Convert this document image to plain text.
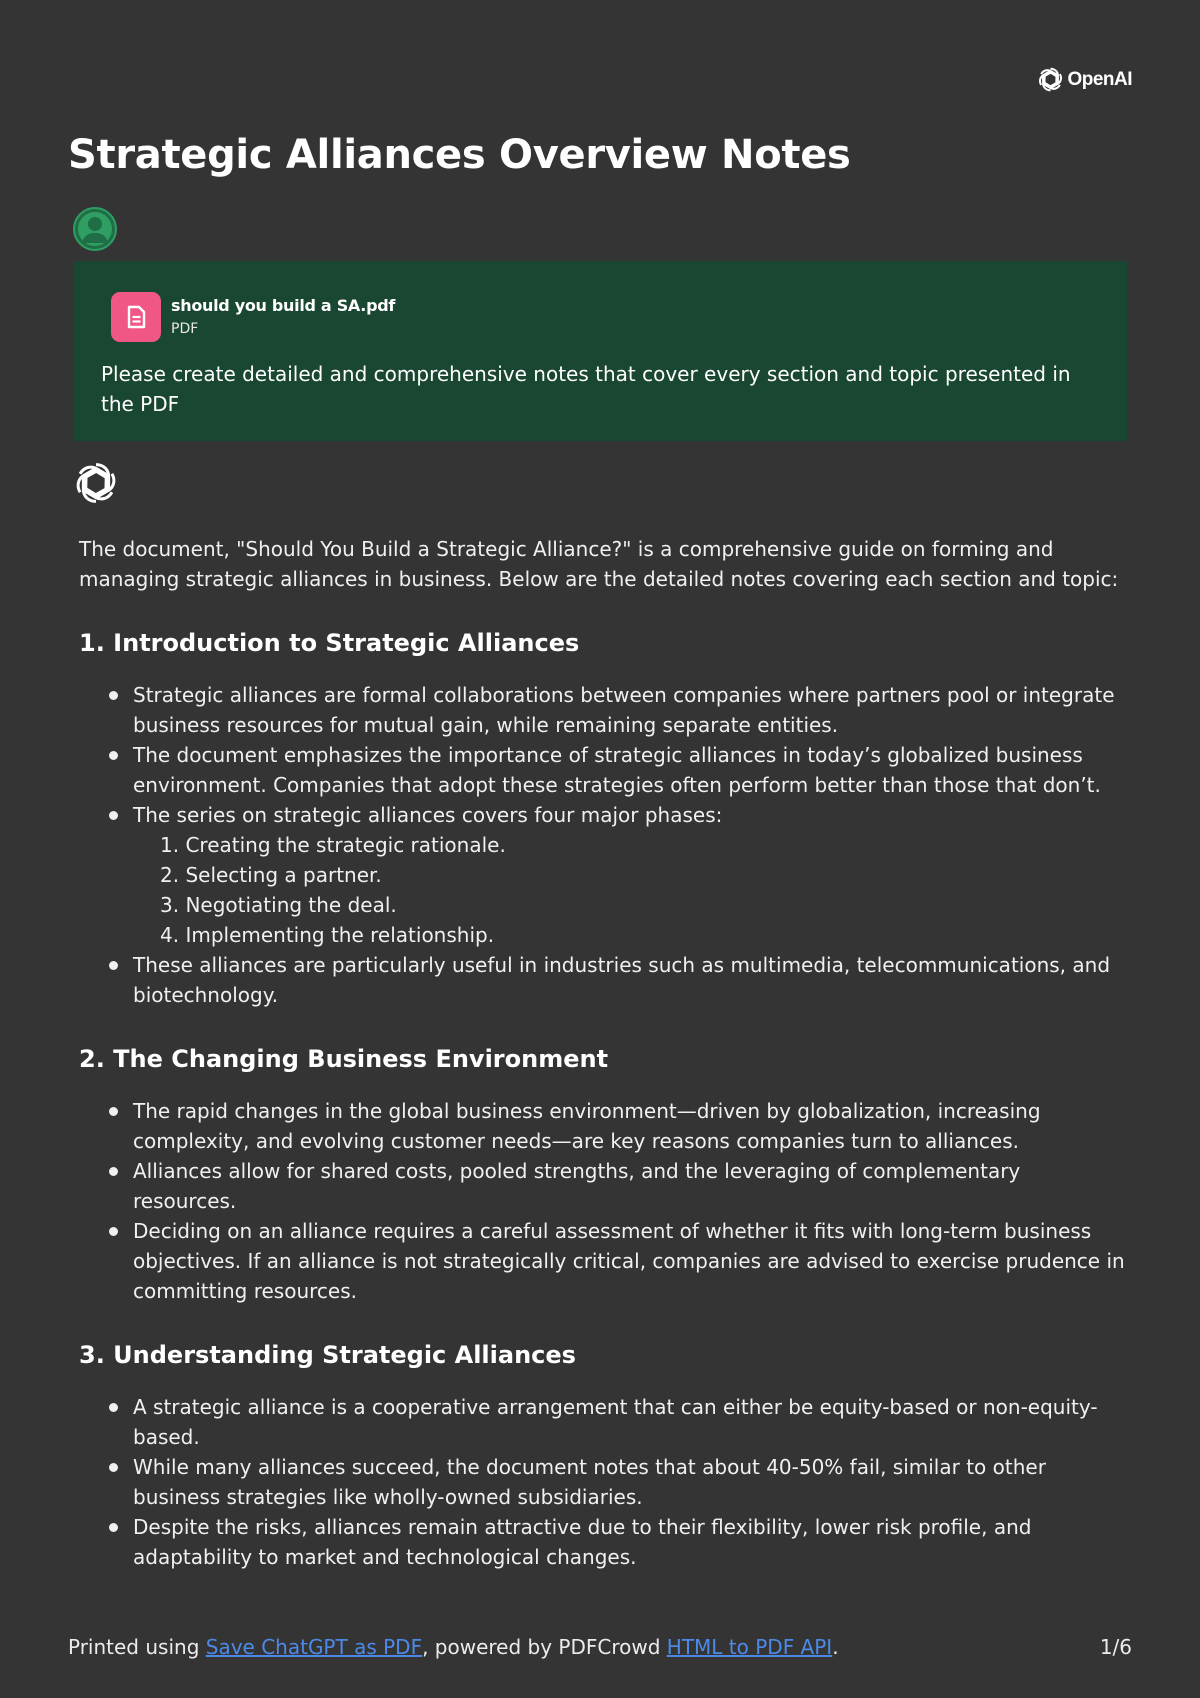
OpenAI
Strategic Alliances Overview Notes
should you build a SA.pdf
PDF

Please create detailed and comprehensive notes that cover every section and topic presented in the PDF

The document, "Should You Build a Strategic Alliance?" is a comprehensive guide on forming and managing strategic alliances in business. Below are the detailed notes covering each section and topic:

1. Introduction to Strategic Alliances
Strategic alliances are formal collaborations between companies where partners pool or integrate business resources for mutual gain, while remaining separate entities.
The document emphasizes the importance of strategic alliances in today’s globalized business environment. Companies that adopt these strategies often perform better than those that don’t.
The series on strategic alliances covers four major phases:
1. Creating the strategic rationale.
2. Selecting a partner.
3. Negotiating the deal.
4. Implementing the relationship.
These alliances are particularly useful in industries such as multimedia, telecommunications, and biotechnology.
2. The Changing Business Environment
The rapid changes in the global business environment—driven by globalization, increasing complexity, and evolving customer needs—are key reasons companies turn to alliances.
Alliances allow for shared costs, pooled strengths, and the leveraging of complementary resources.
Deciding on an alliance requires a careful assessment of whether it fits with long-term business objectives. If an alliance is not strategically critical, companies are advised to exercise prudence in committing resources.
3. Understanding Strategic Alliances
A strategic alliance is a cooperative arrangement that can either be equity-based or non-equity-based.
While many alliances succeed, the document notes that about 40-50% fail, similar to other business strategies like wholly-owned subsidiaries.
Despite the risks, alliances remain attractive due to their flexibility, lower risk profile, and adaptability to market and technological changes.
Printed using Save ChatGPT as PDF, powered by PDFCrowd HTML to PDF API.	1/6
